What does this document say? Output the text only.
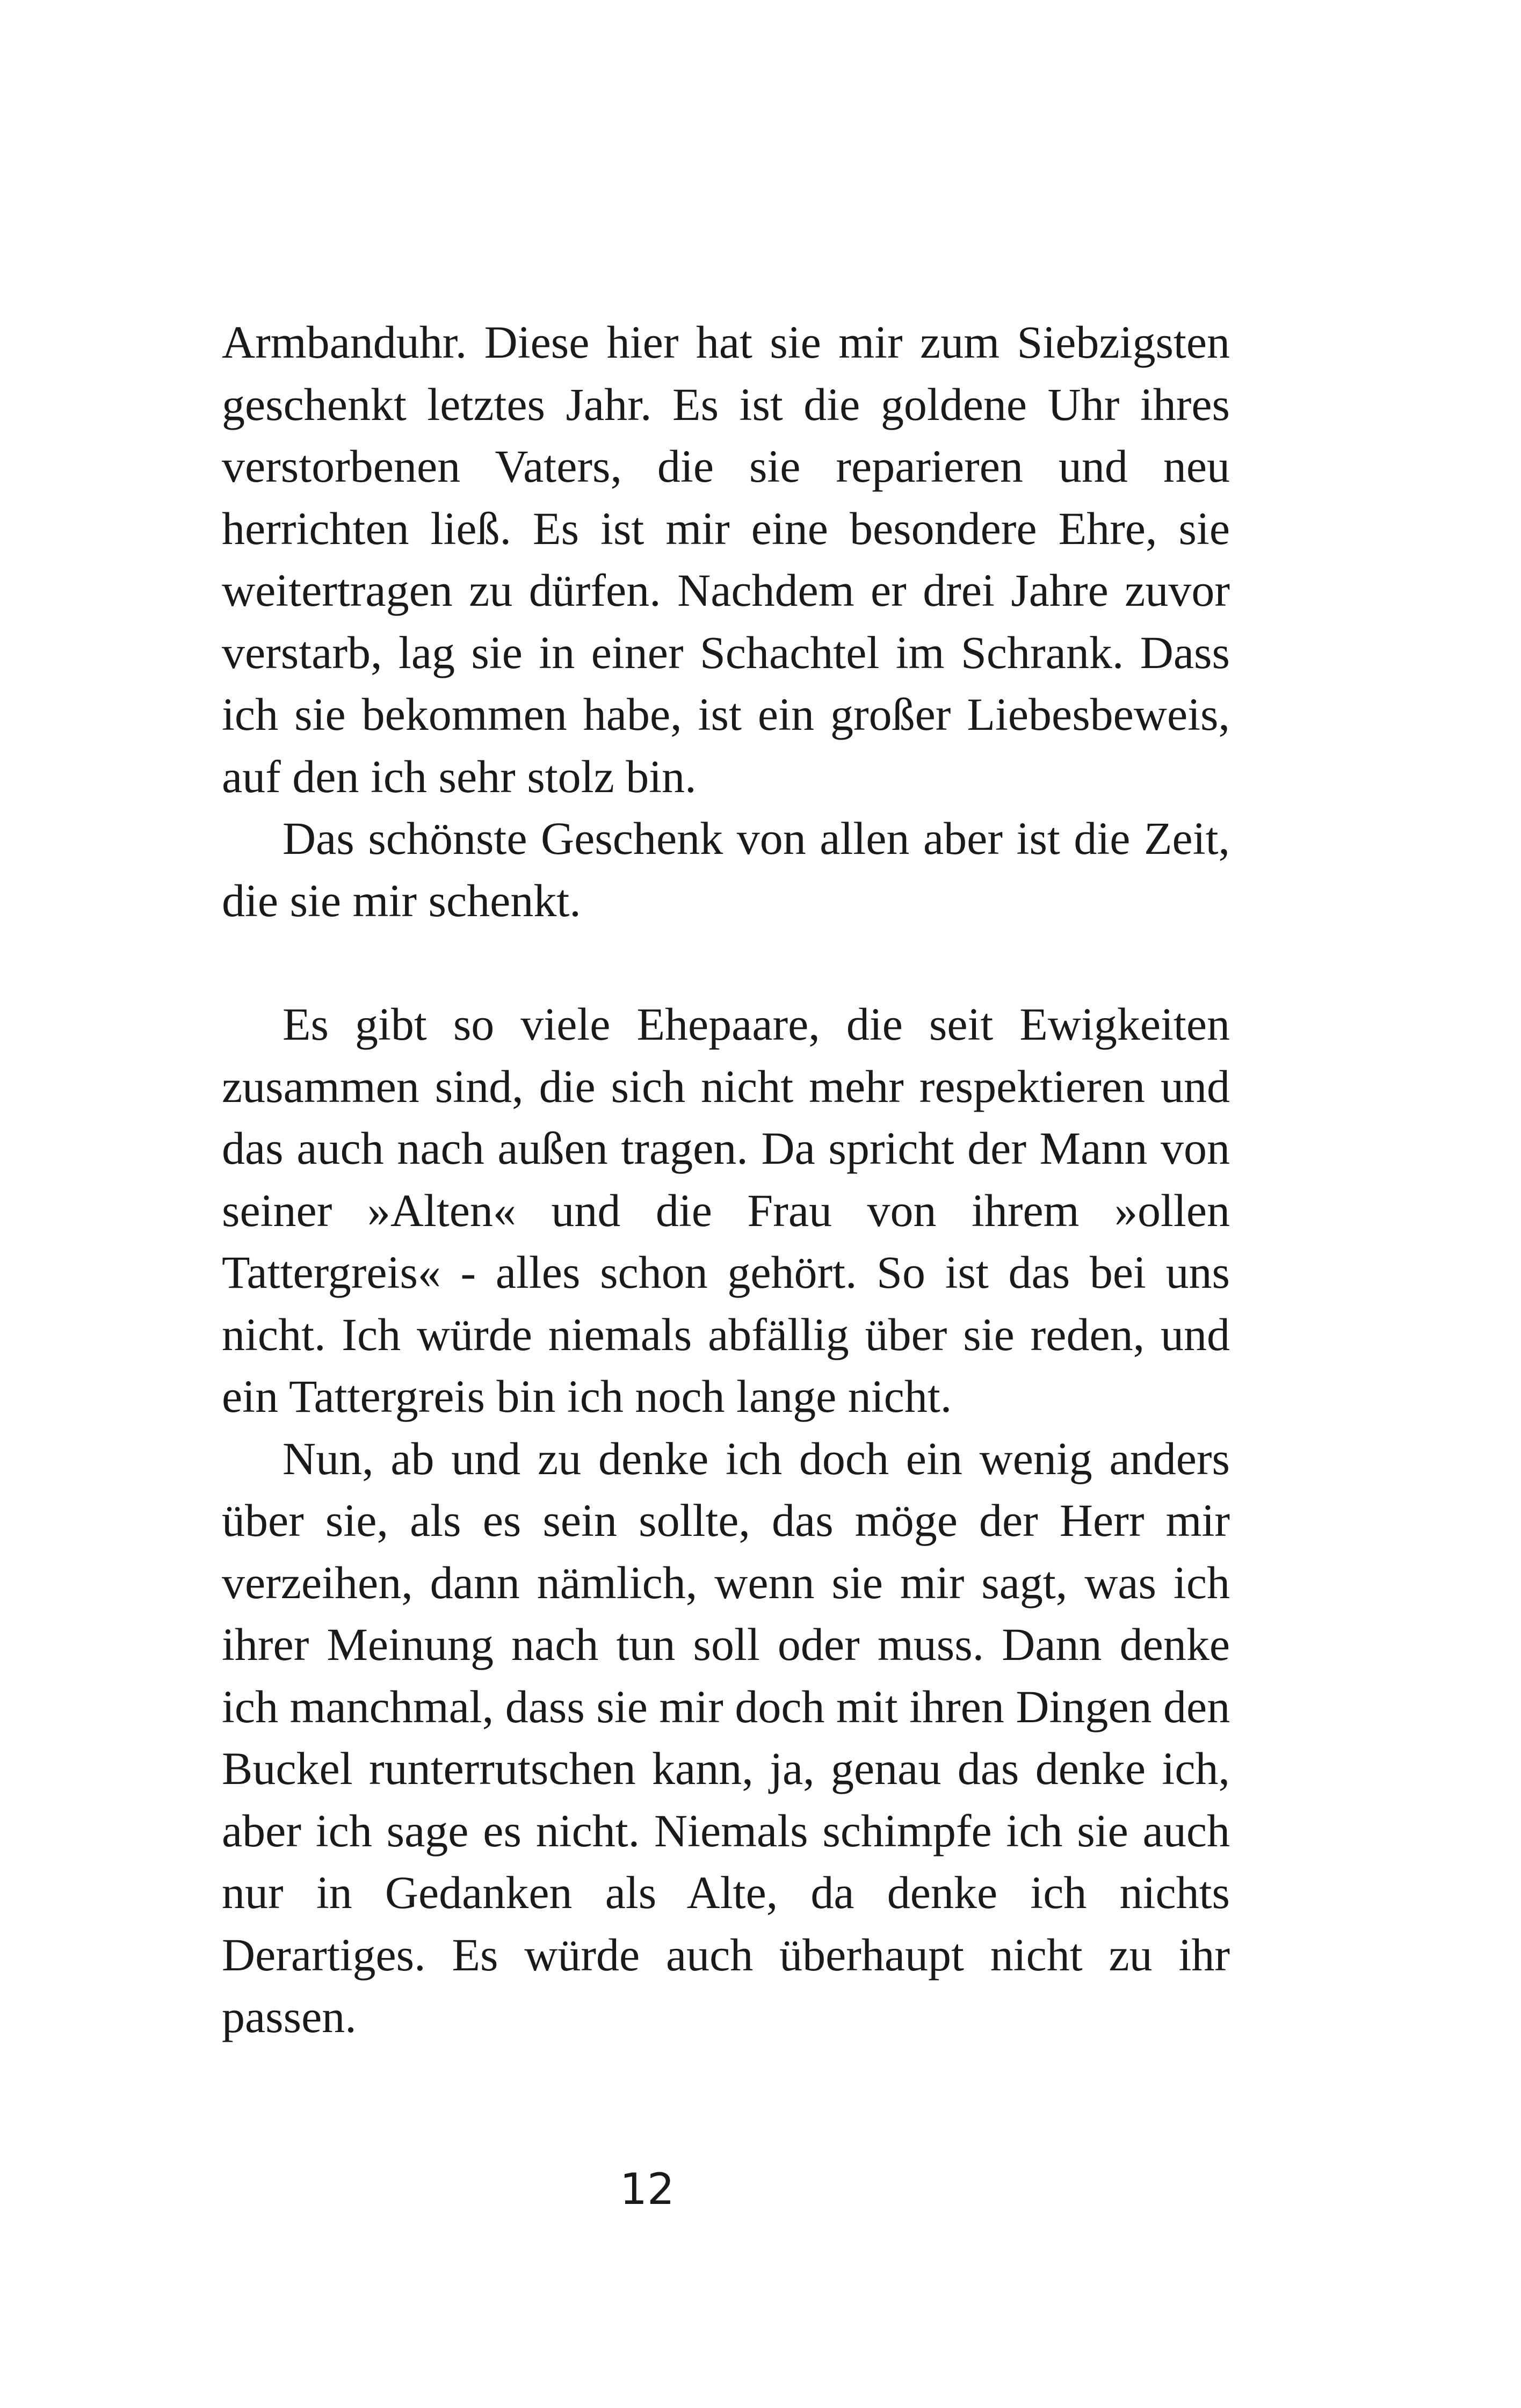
Armbanduhr. Diese hier hat sie mir zum Siebzigsten
geschenkt letztes Jahr. Es ist die goldene Uhr ihres
verstorbenen Vaters, die sie reparieren und neu
herrichten ließ. Es ist mir eine besondere Ehre, sie
weitertragen zu dürfen. Nachdem er drei Jahre zuvor
verstarb, lag sie in einer Schachtel im Schrank. Dass
ich sie bekommen habe, ist ein großer Liebesbeweis,
auf den ich sehr stolz bin.

Das schönste Geschenk von allen aber ist die Zeit,
die sie mir schenkt.

Es gibt so viele Ehepaare, die seit Ewigkeiten
zusammen sind, die sich nicht mehr respektieren und
das auch nach außen tragen. Da spricht der Mann von
seiner »Alten« und die Frau von ihrem »ollen
Tattergreis« - alles schon gehört. So ist das bei uns
nicht. Ich würde niemals abfällig über sie reden, und
ein Tattergreis bin ich noch lange nicht.

Nun, ab und zu denke ich doch ein wenig anders
über sie, als es sein sollte, das möge der Herr mir
verzeihen, dann nämlich, wenn sie mir sagt, was ich
ihrer Meinung nach tun soll oder muss. Dann denke
ich manchmal, dass sie mir doch mit ihren Dingen den
Buckel runterrutschen kann, ja, genau das denke ich,
aber ich sage es nicht. Niemals schimpfe ich sie auch
nur in Gedanken als Alte, da denke ich nichts
Derartiges. Es würde auch überhaupt nicht zu ihr
passen.

12
